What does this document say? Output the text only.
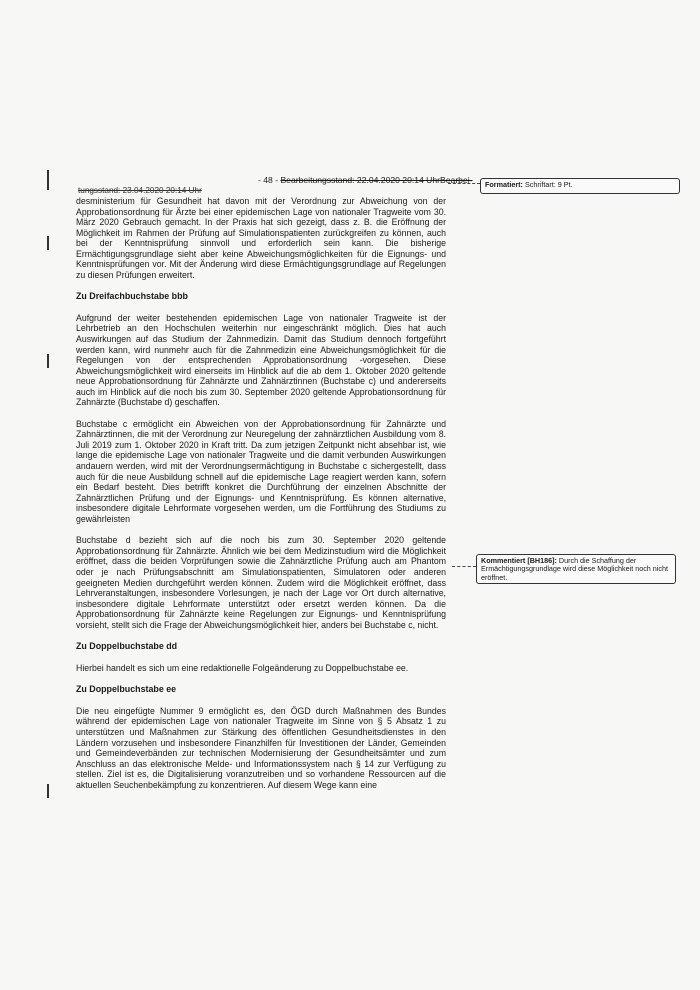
- 48 - Bearbeitungsstand: 22.04.2020 20:14 UhrBearbei-
tungsstand: 23.04.2020 20:14 Uhr
Formatiert: Schriftart: 9 Pt.

desministerium für Gesundheit hat davon mit der Verordnung zur Abweichung von der Approbationsordnung für Ärzte bei einer epidemischen Lage von nationaler Tragweite vom 30. März 2020 Gebrauch gemacht. In der Praxis hat sich gezeigt, dass z. B. die Eröffnung der Möglichkeit im Rahmen der Prüfung auf Simulationspatienten zurückgreifen zu können, auch bei der Kenntnisprüfung sinnvoll und erforderlich sein kann. Die bisherige Ermächtigungsgrundlage sieht aber keine Abweichungsmöglichkeiten für die Eignungs- und Kenntnisprüfungen vor. Mit der Änderung wird diese Ermächtigungsgrundlage auf Regelungen zu diesen Prüfungen erweitert.

Zu Dreifachbuchstabe bbb

Aufgrund der weiter bestehenden epidemischen Lage von nationaler Tragweite ist der Lehrbetrieb an den Hochschulen weiterhin nur eingeschränkt möglich. Dies hat auch Auswirkungen auf das Studium der Zahnmedizin. Damit das Studium dennoch fortgeführt werden kann, wird nunmehr auch für die Zahnmedizin eine Abweichungsmöglichkeit für die Regelungen von der entsprechenden Approbationsordnung -vorgesehen. Diese Abweichungsmöglichkeit wird einerseits im Hinblick auf die ab dem 1. Oktober 2020 geltende neue Approbationsordnung für Zahnärzte und Zahnärztinnen (Buchstabe c) und andererseits auch im Hinblick auf die noch bis zum 30. September 2020 geltende Approbationsordnung für Zahnärzte (Buchstabe d) geschaffen.

Buchstabe c ermöglicht ein Abweichen von der Approbationsordnung für Zahnärzte und Zahnärztinnen, die mit der Verordnung zur Neuregelung der zahnärztlichen Ausbildung vom 8. Juli 2019 zum 1. Oktober 2020 in Kraft tritt. Da zum jetzigen Zeitpunkt nicht absehbar ist, wie lange die epidemische Lage von nationaler Tragweite und die damit verbunden Auswirkungen andauern werden, wird mit der Verordnungsermächtigung in Buchstabe c sichergestellt, dass auch für die neue Ausbildung schnell auf die epidemische Lage reagiert werden kann, sofern ein Bedarf besteht. Dies betrifft konkret die Durchführung der einzelnen Abschnitte der Zahnärztlichen Prüfung und der Eignungs- und Kenntnisprüfung. Es können alternative, insbesondere digitale Lehrformate vorgesehen werden, um die Fortführung des Studiums zu gewährleisten

Buchstabe d bezieht sich auf die noch bis zum 30. September 2020 geltende Approbationsordnung für Zahnärzte. Ähnlich wie bei dem Medizinstudium wird die Möglichkeit eröffnet, dass die beiden Vorprüfungen sowie die Zahnärztliche Prüfung auch am Phantom oder je nach Prüfungsabschnitt am Simulationspatienten, Simulatoren oder anderen geeigneten Medien durchgeführt werden können. Zudem wird die Möglichkeit eröffnet, dass Lehrveranstaltungen, insbesondere Vorlesungen, je nach der Lage vor Ort durch alternative, insbesondere digitale Lehrformate unterstützt oder ersetzt werden können. Da die Approbationsordnung für Zahnärzte keine Regelungen zur Eignungs- und Kenntnisprüfung vorsieht, stellt sich die Frage der Abweichungsmöglichkeit hier, anders bei Buchstabe c, nicht.

Zu Doppelbuchstabe dd

Hierbei handelt es sich um eine redaktionelle Folgeänderung zu Doppelbuchstabe ee.

Zu Doppelbuchstabe ee

Die neu eingefügte Nummer 9 ermöglicht es, den ÖGD durch Maßnahmen des Bundes während der epidemischen Lage von nationaler Tragweite im Sinne von § 5 Absatz 1 zu unterstützen und Maßnahmen zur Stärkung des öffentlichen Gesundheitsdienstes in den Ländern vorzusehen und insbesondere Finanzhilfen für Investitionen der Länder, Gemeinden und Gemeindeverbänden zur technischen Modernisierung der Gesundheitsämter und zum Anschluss an das elektronische Melde- und Informationssystem nach § 14 zur Verfügung zu stellen. Ziel ist es, die Digitalisierung voranzutreiben und so vorhandene Ressourcen auf die aktuellen Seuchenbekämpfung zu konzentrieren. Auf diesem Wege kann eine

Kommentiert [BH186]: Durch die Schaffung der Ermächtigungsgrundlage wird diese Möglichkeit noch nicht eröffnet.
